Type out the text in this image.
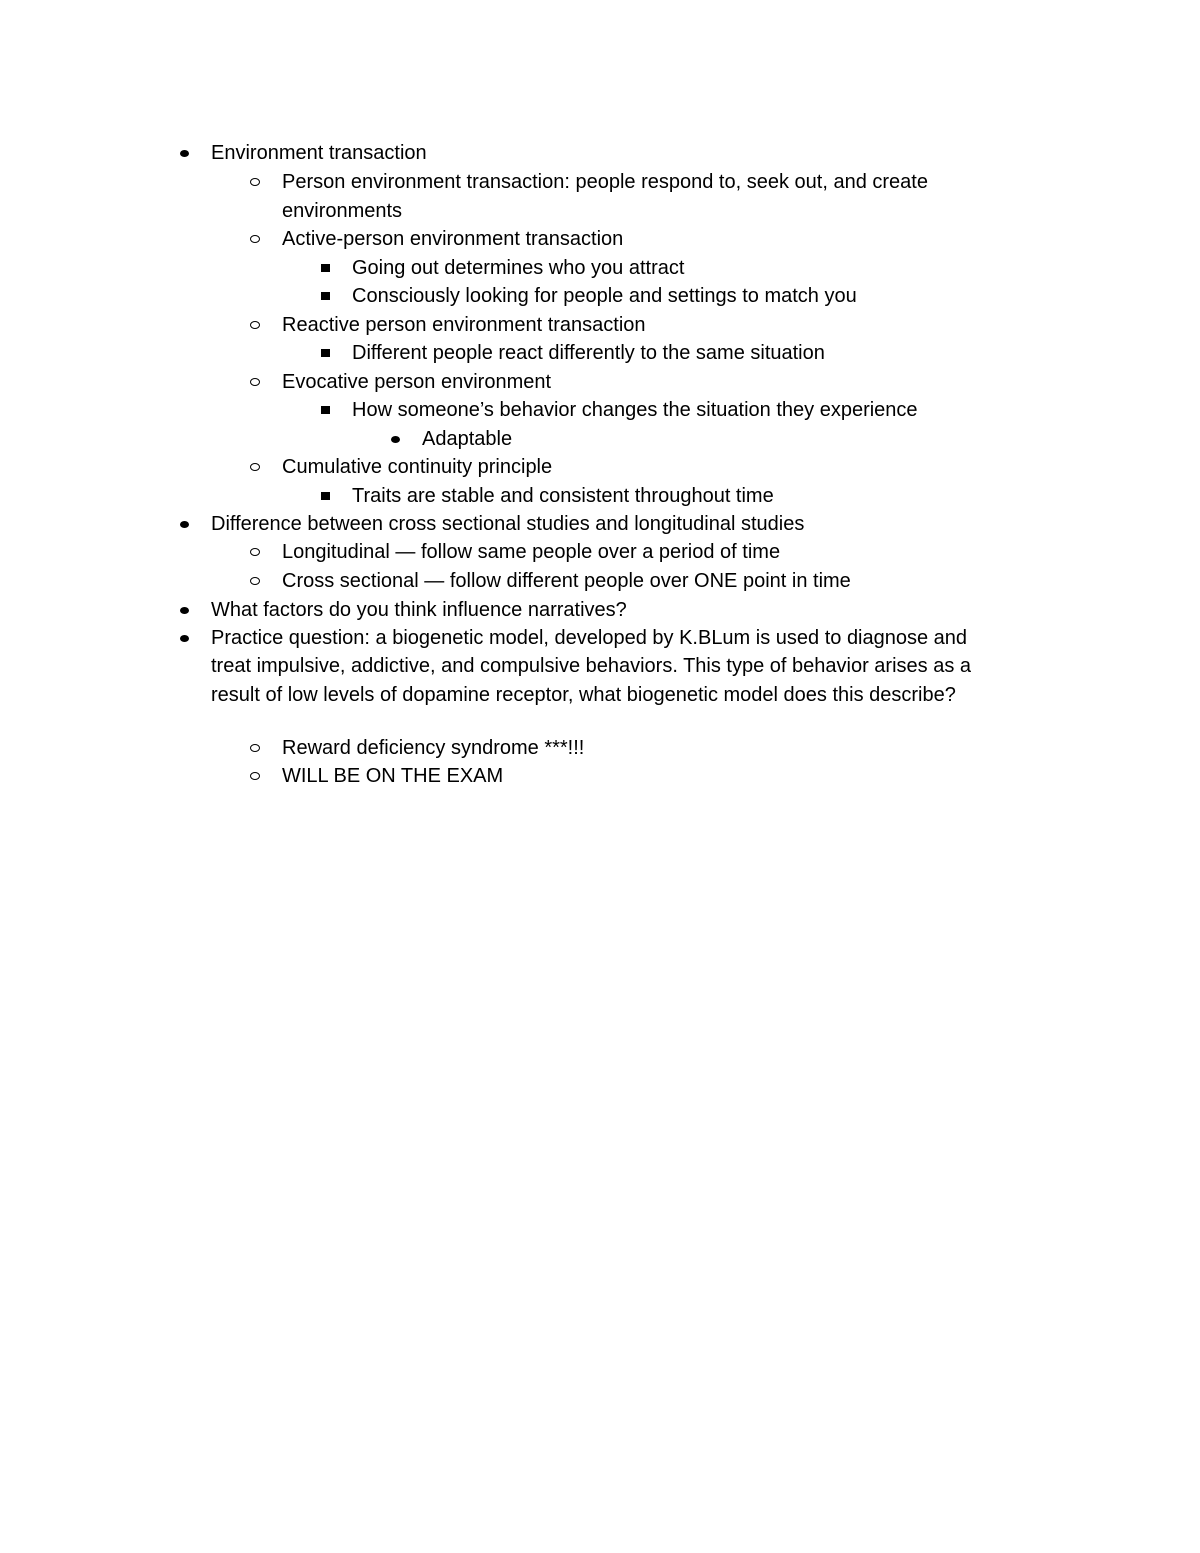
Environment transaction
Person environment transaction: people respond to, seek out, and create
environments
Active-person environment transaction
Going out determines who you attract
Consciously looking for people and settings to match you
Reactive person environment transaction
Different people react differently to the same situation
Evocative person environment
How someone’s behavior changes the situation they experience
Adaptable
Cumulative continuity principle
Traits are stable and consistent throughout time
Difference between cross sectional studies and longitudinal studies
Longitudinal — follow same people over a period of time
Cross sectional — follow different people over ONE point in time
What factors do you think influence narratives?
Practice question: a biogenetic model, developed by K.BLum is used to diagnose and
treat impulsive, addictive, and compulsive behaviors. This type of behavior arises as a
result of low levels of dopamine receptor, what biogenetic model does this describe?
Reward deficiency syndrome ***!!!
WILL BE ON THE EXAM
